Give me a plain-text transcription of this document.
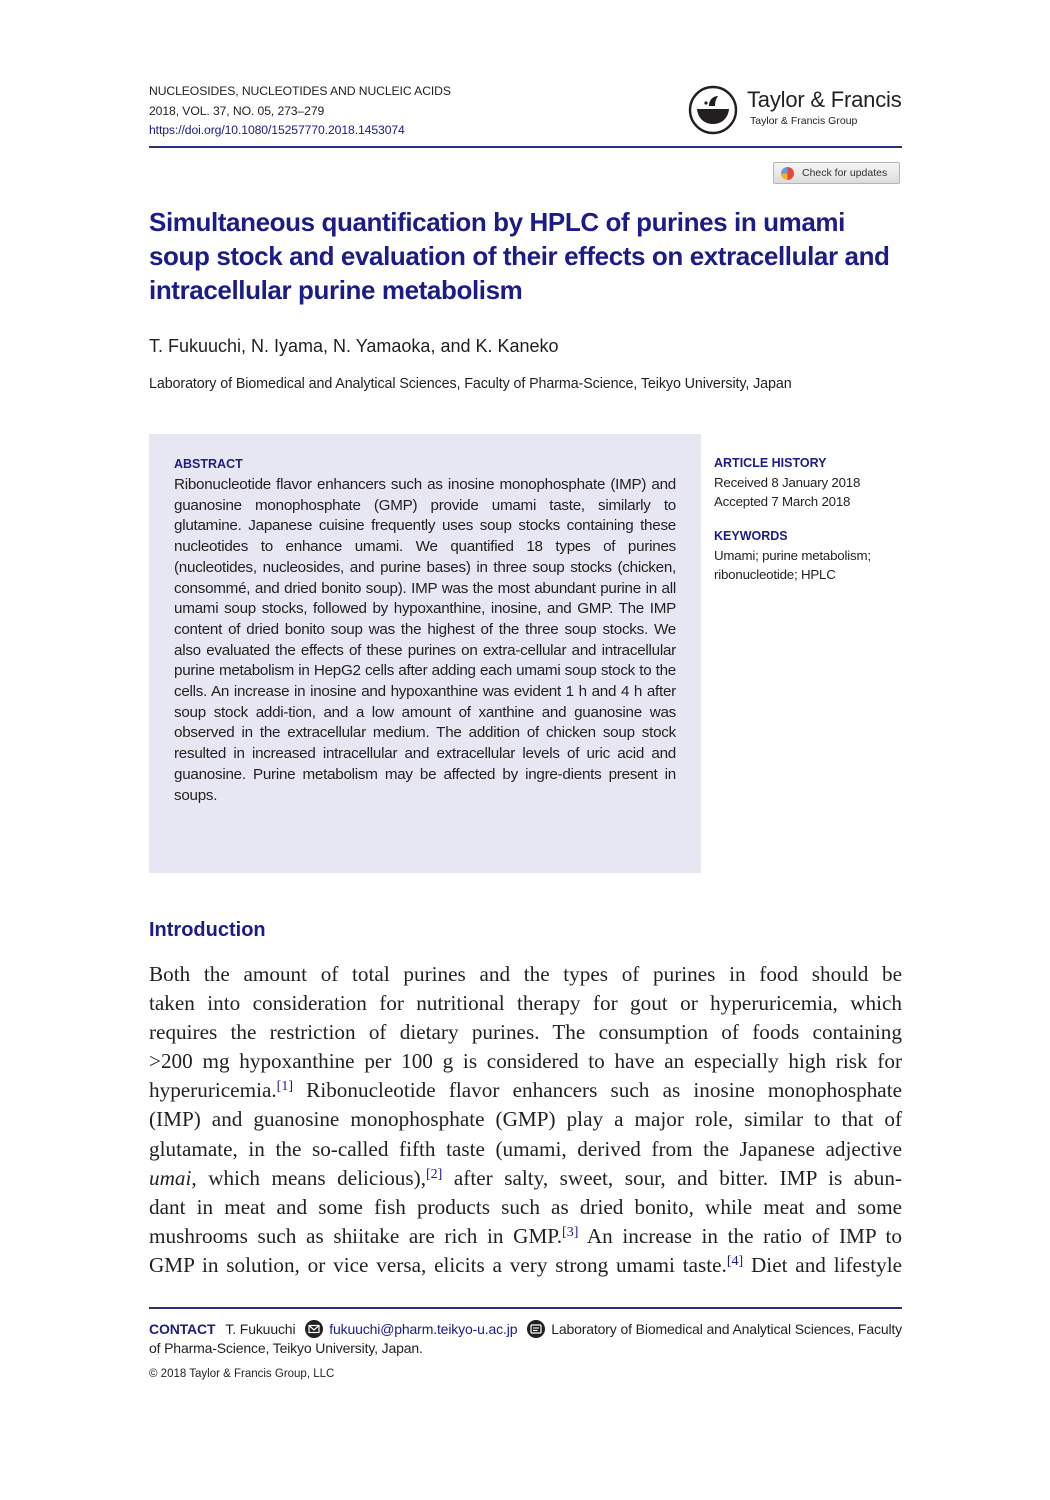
NUCLEOSIDES, NUCLEOTIDES AND NUCLEIC ACIDS
2018, VOL. 37, NO. 05, 273–279
https://doi.org/10.1080/15257770.2018.1453074
Taylor & Francis
Taylor & Francis Group
Check for updates
Simultaneous quantification by HPLC of purines in umami soup stock and evaluation of their effects on extracellular and intracellular purine metabolism
T. Fukuuchi, N. Iyama, N. Yamaoka, and K. Kaneko
Laboratory of Biomedical and Analytical Sciences, Faculty of Pharma-Science, Teikyo University, Japan
ABSTRACT

Ribonucleotide flavor enhancers such as inosine monophosphate (IMP) and guanosine monophosphate (GMP) provide umami taste, similarly to glutamine. Japanese cuisine frequently uses soup stocks containing these nucleotides to enhance umami. We quantified 18 types of purines (nucleotides, nucleosides, and purine bases) in three soup stocks (chicken, consommé, and dried bonito soup). IMP was the most abundant purine in all umami soup stocks, followed by hypoxanthine, inosine, and GMP. The IMP content of dried bonito soup was the highest of the three soup stocks. We also evaluated the effects of these purines on extra-cellular and intracellular purine metabolism in HepG2 cells after adding each umami soup stock to the cells. An increase in inosine and hypoxanthine was evident 1 h and 4 h after soup stock addi-tion, and a low amount of xanthine and guanosine was observed in the extracellular medium. The addition of chicken soup stock resulted in increased intracellular and extracellular levels of uric acid and guanosine. Purine metabolism may be affected by ingre-dients present in soups.

ARTICLE HISTORY
Received 8 January 2018
Accepted 7 March 2018
KEYWORDS
Umami; purine metabolism;
ribonucleotide; HPLC
Introduction
Both the amount of total purines and the types of purines in food should be
taken into consideration for nutritional therapy for gout or hyperuricemia, which
requires the restriction of dietary purines. The consumption of foods containing
>200 mg hypoxanthine per 100 g is considered to have an especially high risk for
hyperuricemia.[1] Ribonucleotide flavor enhancers such as inosine monophosphate
(IMP) and guanosine monophosphate (GMP) play a major role, similar to that of
glutamate, in the so-called fifth taste (umami, derived from the Japanese adjective
umai, which means delicious),[2] after salty, sweet, sour, and bitter. IMP is abun-
dant in meat and some fish products such as dried bonito, while meat and some
mushrooms such as shiitake are rich in GMP.[3] An increase in the ratio of IMP to
GMP in solution, or vice versa, elicits a very strong umami taste.[4] Diet and lifestyle
CONTACT T. Fukuuchi fukuuchi@pharm.teikyo-u.ac.jp Laboratory of Biomedical and Analytical Sciences, Faculty of Pharma-Science, Teikyo University, Japan.
© 2018 Taylor & Francis Group, LLC
